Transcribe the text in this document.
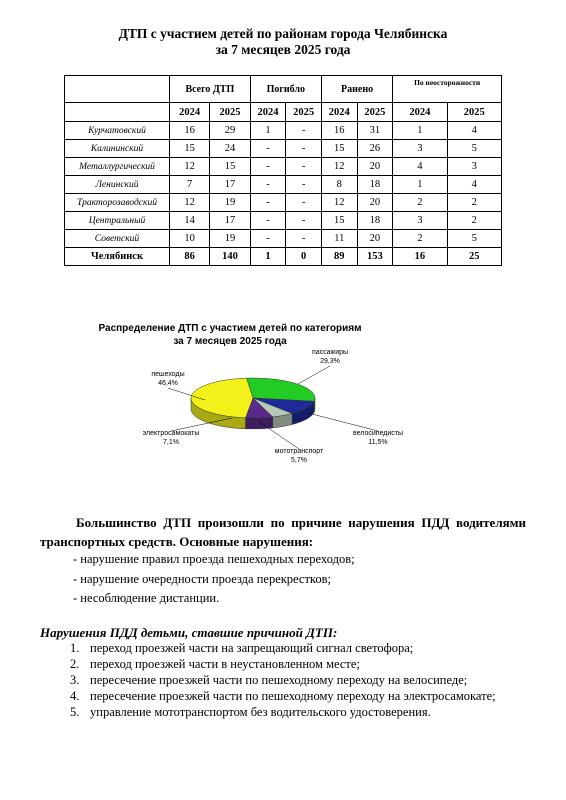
ДТП с участием детей по районам города Челябинска
за 7 месяцев 2025 года
	Всего ДТП		Погибло		Ранено		По неосторожности	
	2024	2025	2024	2025	2024	2025	2024	2025
Курчатовский	16	29	1	-	16	31	1	4
Калининский	15	24	-	-	15	26	3	5
Металлургический	12	15	-	-	12	20	4	3
Ленинский	7	17	-	-	8	18	1	4
Тракторозаводский	12	19	-	-	12	20	2	2
Центральный	14	17	-	-	15	18	3	2
Советский	10	19	-	-	11	20	2	5
Челябинск	86	140	1	0	89	153	16	25
Распределение ДТП с участием детей по категориям
за 7 месяцев 2025 года
пассажиры
29,3%
велосипедисты
11,5%
мототранспорт
5,7%
электросамокаты
7,1%
пешеходы
46,4%
Большинство ДТП произошли по причине нарушения ПДД водителями транспортных средств. Основные нарушения:
- нарушение правил проезда пешеходных переходов;
- нарушение очередности проезда перекрестков;
- несоблюдение дистанции.
Нарушения ПДД детьми, ставшие причиной ДТП:
1. переход проезжей части на запрещающий сигнал светофора;
2. переход проезжей части в неустановленном месте;
3. пересечение проезжей части по пешеходному переходу на велосипеде;
4. пересечение проезжей части по пешеходному переходу на электросамокате;
5. управление мототранспортом без водительского удостоверения.
